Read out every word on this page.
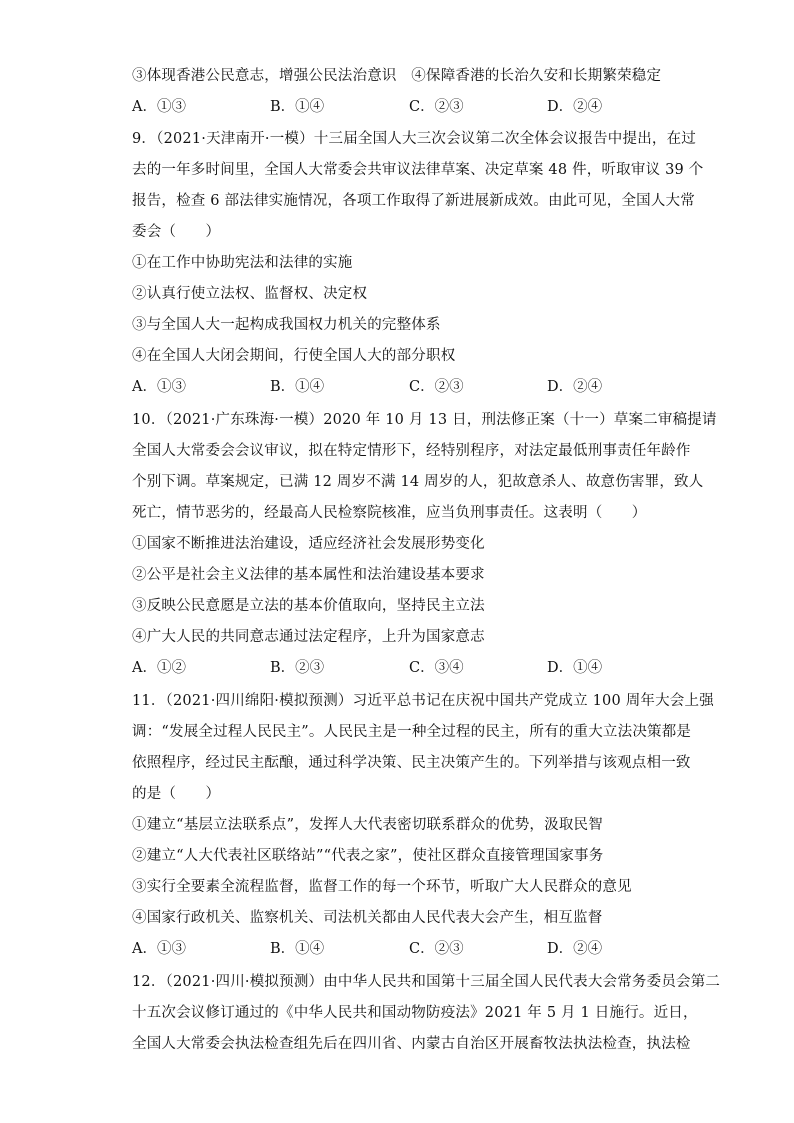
③体现香港公民意志，增强公民法治意识　④保障香港的长治久安和长期繁荣稳定
A．①③	B．①④	C．②③	D．②④
9．（2021·天津南开·一模）十三届全国人大三次会议第二次全体会议报告中提出，在过
去的一年多时间里，全国人大常委会共审议法律草案、决定草案 48 件，听取审议 39 个
报告，检查 6 部法律实施情况，各项工作取得了新进展新成效。由此可见，全国人大常
委会（　　）
①在工作中协助宪法和法律的实施
②认真行使立法权、监督权、决定权
③与全国人大一起构成我国权力机关的完整体系
④在全国人大闭会期间，行使全国人大的部分职权
A．①③	B．①④	C．②③	D．②④
10．（2021·广东珠海·一模）2020 年 10 月 13 日，刑法修正案（十一）草案二审稿提请
全国人大常委会会议审议，拟在特定情形下，经特别程序，对法定最低刑事责任年龄作
个别下调。草案规定，已满 12 周岁不满 14 周岁的人，犯故意杀人、故意伤害罪，致人
死亡，情节恶劣的，经最高人民检察院核准，应当负刑事责任。这表明（　　）
①国家不断推进法治建设，适应经济社会发展形势变化
②公平是社会主义法律的基本属性和法治建设基本要求
③反映公民意愿是立法的基本价值取向，坚持民主立法
④广大人民的共同意志通过法定程序，上升为国家意志
A．①②	B．②③	C．③④	D．①④
11．（2021·四川绵阳·模拟预测）习近平总书记在庆祝中国共产党成立 100 周年大会上强
调：“发展全过程人民民主”。人民民主是一种全过程的民主，所有的重大立法决策都是
依照程序，经过民主酝酿，通过科学决策、民主决策产生的。下列举措与该观点相一致
的是（　　）
①建立“基层立法联系点”，发挥人大代表密切联系群众的优势，汲取民智
②建立“人大代表社区联络站”“代表之家”，使社区群众直接管理国家事务
③实行全要素全流程监督，监督工作的每一个环节，听取广大人民群众的意见
④国家行政机关、监察机关、司法机关都由人民代表大会产生，相互监督
A．①③	B．①④	C．②③	D．②④
12．（2021·四川·模拟预测）由中华人民共和国第十三届全国人民代表大会常务委员会第二
十五次会议修订通过的《中华人民共和国动物防疫法》2021 年 5 月 1 日施行。近日，
全国人大常委会执法检查组先后在四川省、内蒙古自治区开展畜牧法执法检查，执法检
